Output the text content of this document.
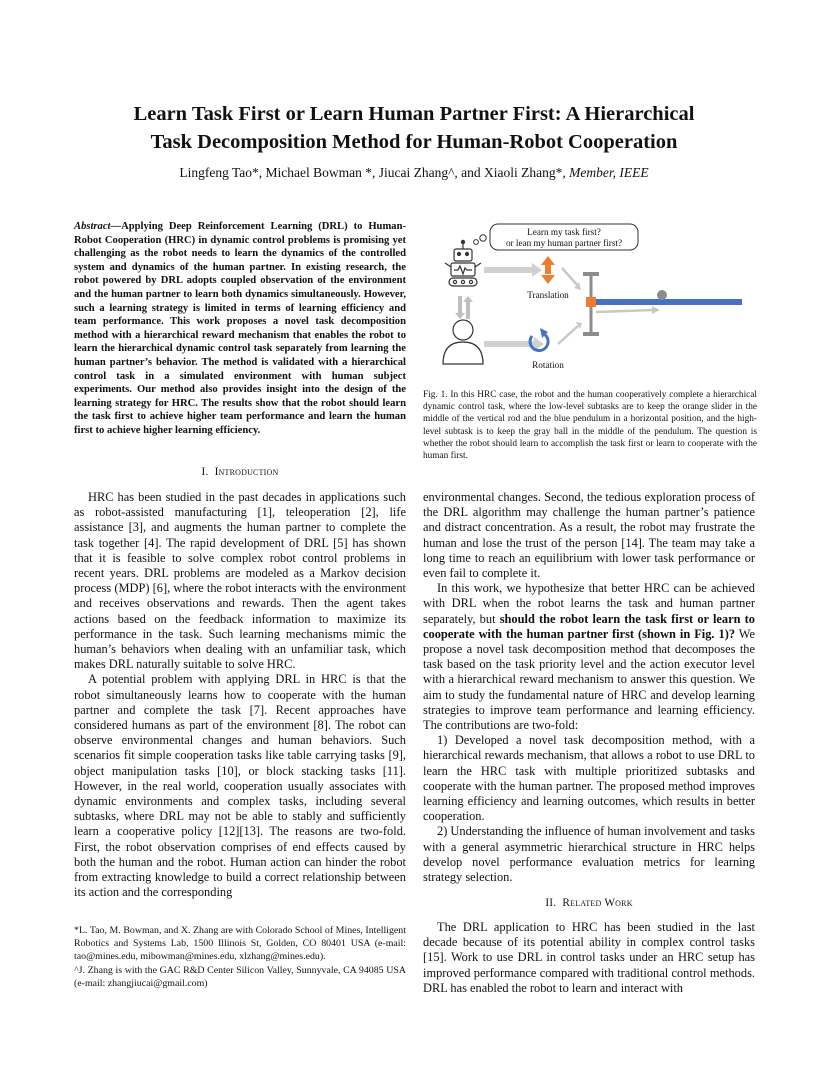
Learn Task First or Learn Human Partner First: A Hierarchical
Task Decomposition Method for Human-Robot Cooperation
Lingfeng Tao*, Michael Bowman *, Jiucai Zhang^, and Xiaoli Zhang*, Member, IEEE
Abstract—Applying Deep Reinforcement Learning (DRL) to Human-Robot Cooperation (HRC) in dynamic control problems is promising yet challenging as the robot needs to learn the dynamics of the controlled system and dynamics of the human partner. In existing research, the robot powered by DRL adopts coupled observation of the environment and the human partner to learn both dynamics simultaneously. However, such a learning strategy is limited in terms of learning efficiency and team performance. This work proposes a novel task decomposition method with a hierarchical reward mechanism that enables the robot to learn the hierarchical dynamic control task separately from learning the human partner’s behavior. The method is validated with a hierarchical control task in a simulated environment with human subject experiments. Our method also provides insight into the design of the learning strategy for HRC. The results show that the robot should learn the task first to achieve higher team performance and learn the human first to achieve higher learning efficiency.
Learn my task first?
or lean my human partner first?
Translation
Rotation
Fig. 1. In this HRC case, the robot and the human cooperatively complete a hierarchical dynamic control task, where the low-level subtasks are to keep the orange slider in the middle of the vertical rod and the blue pendulum in a horizontal position, and the high-level subtask is to keep the gray ball in the middle of the pendulum. The question is whether the robot should learn to accomplish the task first or learn to cooperate with the human first.
I. Introduction

HRC has been studied in the past decades in applications such as robot-assisted manufacturing [1], teleoperation [2], life assistance [3], and augments the human partner to complete the task together [4]. The rapid development of DRL [5] has shown that it is feasible to solve complex robot control problems in recent years. DRL problems are modeled as a Markov decision process (MDP) [6], where the robot interacts with the environment and receives observations and rewards. Then the agent takes actions based on the feedback information to maximize its performance in the task. Such learning mechanisms mimic the human’s behaviors when dealing with an unfamiliar task, which makes DRL naturally suitable to solve HRC.

A potential problem with applying DRL in HRC is that the robot simultaneously learns how to cooperate with the human partner and complete the task [7]. Recent approaches have considered humans as part of the environment [8]. The robot can observe environmental changes and human behaviors. Such scenarios fit simple cooperation tasks like table carrying tasks [9], object manipulation tasks [10], or block stacking tasks [11]. However, in the real world, cooperation usually associates with dynamic environments and complex tasks, including several subtasks, where DRL may not be able to stably and sufficiently learn a cooperative policy [12][13]. The reasons are two-fold. First, the robot observation comprises of end effects caused by both the human and the robot. Human action can hinder the robot from extracting knowledge to build a correct relationship between its action and the corresponding

environmental changes. Second, the tedious exploration process of the DRL algorithm may challenge the human partner’s patience and distract concentration. As a result, the robot may frustrate the human and lose the trust of the person [14]. The team may take a long time to reach an equilibrium with lower task performance or even fail to complete it.

In this work, we hypothesize that better HRC can be achieved with DRL when the robot learns the task and human partner separately, but should the robot learn the task first or learn to cooperate with the human partner first (shown in Fig. 1)? We propose a novel task decomposition method that decomposes the task based on the task priority level and the action executor level with a hierarchical reward mechanism to answer this question. We aim to study the fundamental nature of HRC and develop learning strategies to improve team performance and learning efficiency. The contributions are two-fold:

1) Developed a novel task decomposition method, with a hierarchical rewards mechanism, that allows a robot to use DRL to learn the HRC task with multiple prioritized subtasks and cooperate with the human partner. The proposed method improves learning efficiency and learning outcomes, which results in better cooperation.

2) Understanding the influence of human involvement and tasks with a general asymmetric hierarchical structure in HRC helps develop novel performance evaluation metrics for learning strategy selection.

II. Related Work

The DRL application to HRC has been studied in the last decade because of its potential ability in complex control tasks [15]. Work to use DRL in control tasks under an HRC setup has improved performance compared with traditional control methods. DRL has enabled the robot to learn and interact with

*L. Tao, M. Bowman, and X. Zhang are with Colorado School of Mines, Intelligent Robotics and Systems Lab, 1500 Illinois St, Golden, CO 80401 USA (e-mail: tao@mines.edu, mibowman@mines.edu, xlzhang@mines.edu).

^J. Zhang is with the GAC R&D Center Silicon Valley, Sunnyvale, CA 94085 USA (e-mail: zhangjiucai@gmail.com)
